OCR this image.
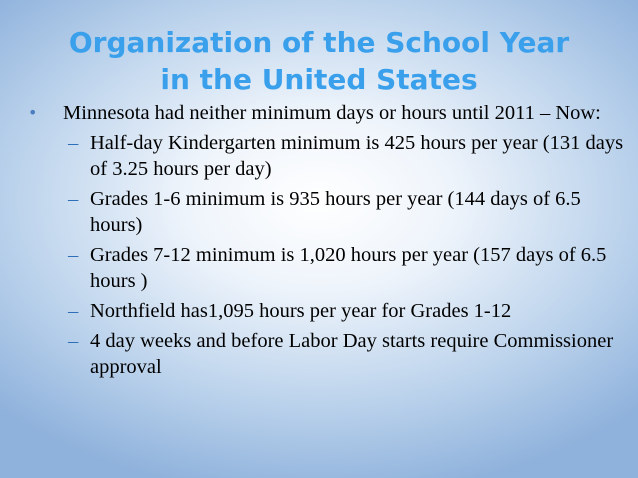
Organization of the School Year
in the United States
• Minnesota had neither minimum days or hours until 2011 – Now:
– Half-day Kindergarten minimum is 425 hours per year (131 days of 3.25 hours per day)
– Grades 1-6 minimum is 935 hours per year (144 days of 6.5 hours)
– Grades 7-12 minimum is 1,020 hours per year (157 days of 6.5 hours )
– Northfield has1,095 hours per year for Grades 1-12
– 4 day weeks and before Labor Day starts require Commissioner approval
